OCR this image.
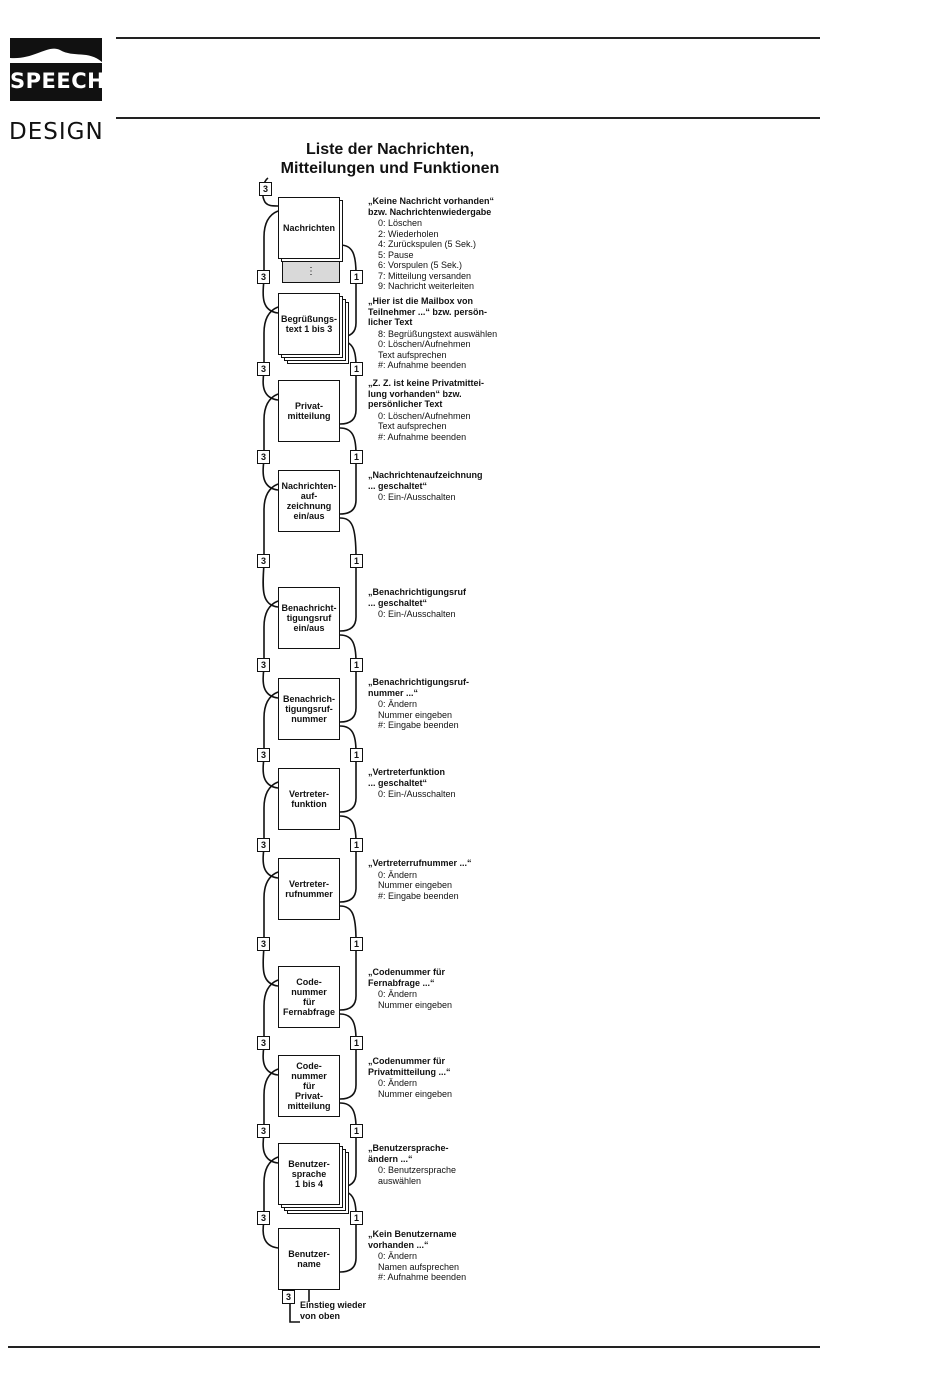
SPEECH
DESIGN
Liste der Nachrichten,
Mitteilungen und Funktionen
⋮
Nachrichten
„Keine Nachricht vorhanden“
bzw. Nachrichtenwiedergabe
0: Löschen
2: Wiederholen
4: Zurückspulen (5 Sek.)
5: Pause
6: Vorspulen (5 Sek.)
7: Mitteilung versanden
9: Nachricht weiterleiten
3	1
Begrüßungs-
text 1 bis 3
„Hier ist die Mailbox von
Teilnehmer ...“ bzw. persön-
licher Text
8: Begrüßungstext auswählen
0: Löschen/Aufnehmen
Text aufsprechen
#: Aufnahme beenden
3	1
Privat-
mitteilung
„Z. Z. ist keine Privatmittei-
lung vorhanden“ bzw.
persönlicher Text
0: Löschen/Aufnehmen
Text aufsprechen
#: Aufnahme beenden
3	1
Nachrichten-
auf-
zeichnung
ein/aus
„Nachrichtenaufzeichnung
... geschaltet“
0: Ein-/Ausschalten
3	1
Benachricht-
tigungsruf
ein/aus
„Benachrichtigungsruf
... geschaltet“
0: Ein-/Ausschalten
3	1
Benachrich-
tigungsruf-
nummer
„Benachrichtigungsruf-
nummer ...“
0: Ändern
Nummer eingeben
#: Eingabe beenden
3	1
Vertreter-
funktion
„Vertreterfunktion
... geschaltet“
0: Ein-/Ausschalten
3	1
Vertreter-
rufnummer
„Vertreterrufnummer ...“
0: Ändern
Nummer eingeben
#: Eingabe beenden
3	1
Code-
nummer
für
Fernabfrage
„Codenummer für
Fernabfrage ...“
0: Ändern
Nummer eingeben
3	1
Code-
nummer
für
Privat-
mitteilung
„Codenummer für
Privatmitteilung ...“
0: Ändern
Nummer eingeben
3	1
Benutzer-
sprache
1 bis 4
„Benutzersprache-
ändern ...“
0: Benutzersprache
auswählen
3	1
Benutzer-
name
„Kein Benutzername
vorhanden ...“
0: Ändern
Namen aufsprechen
#: Aufnahme beenden
3
Einstieg wieder
von oben
3
